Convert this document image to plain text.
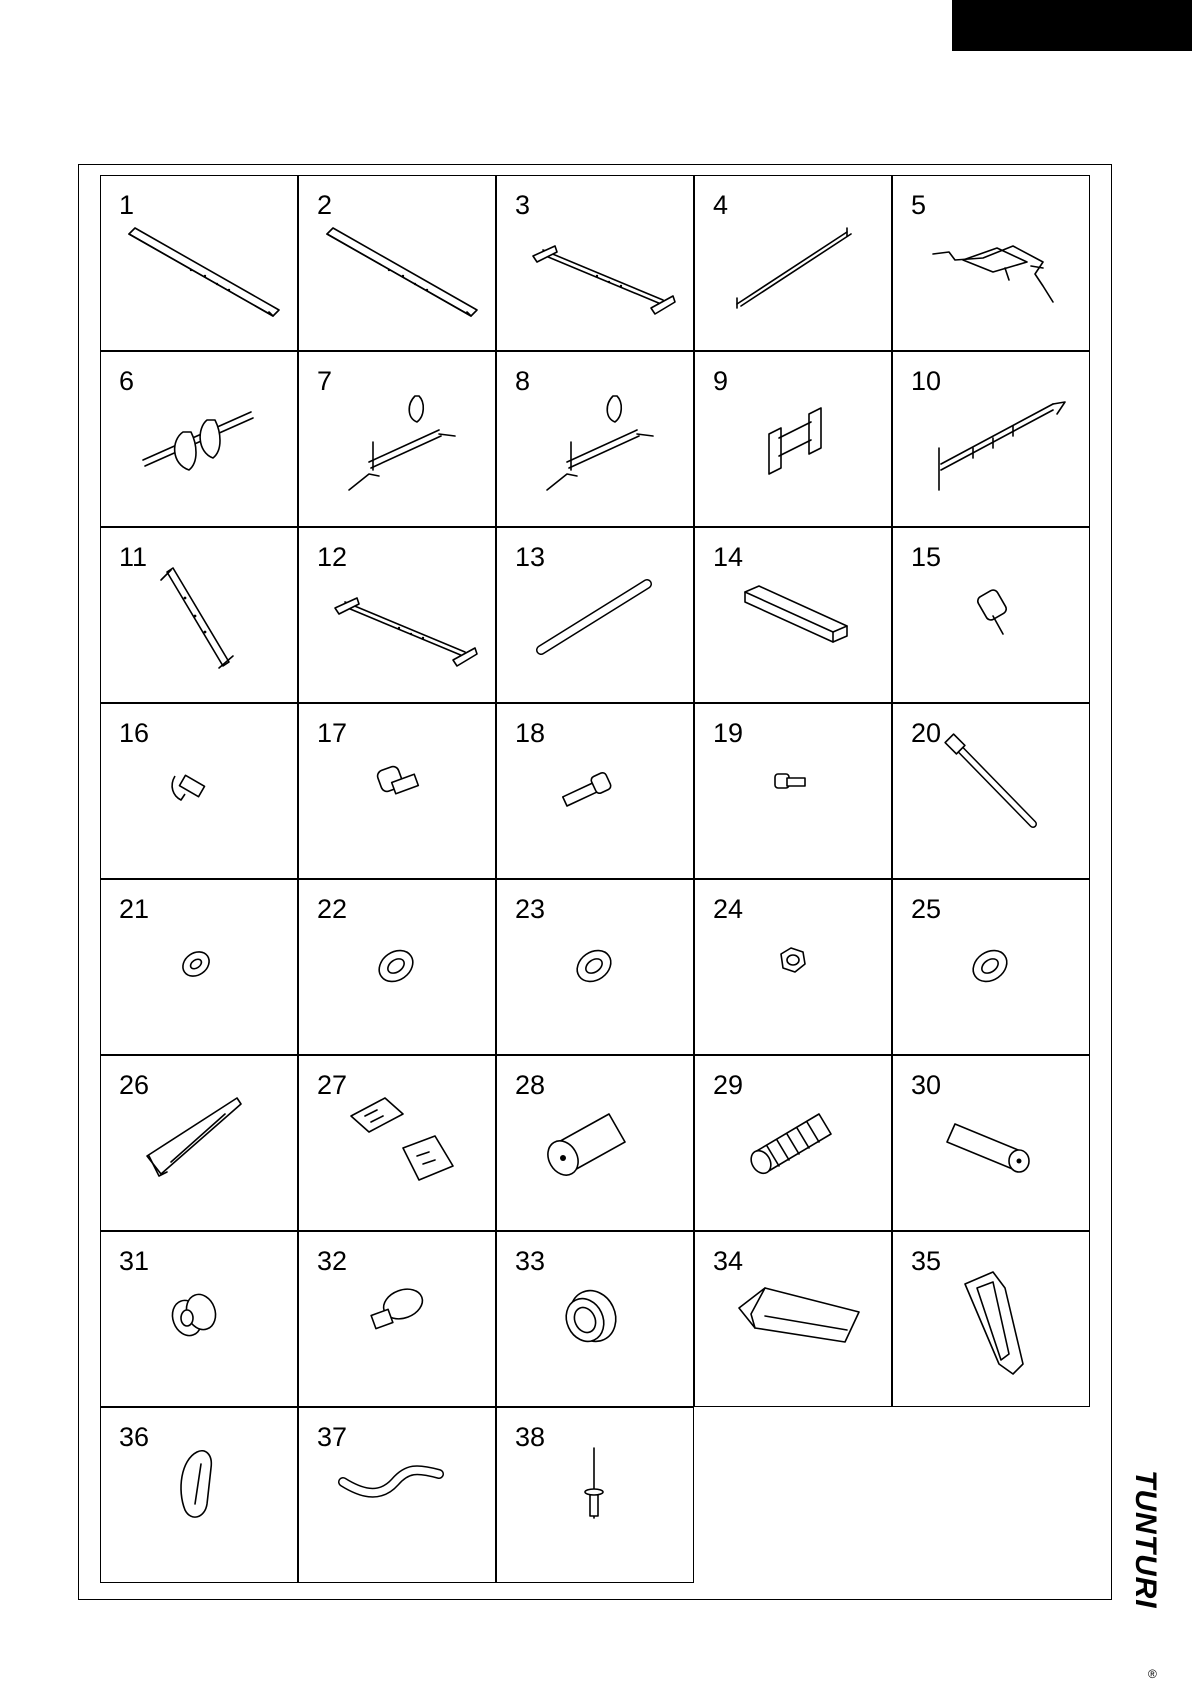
1	2	3	4	5
6	7	8	9	10
11	12	13	14	15
16	17	18	19	20
21	22	23	24	25
26	27	28	29	30
31	32	33	34	35
36	37	38
TUNTURI
®
